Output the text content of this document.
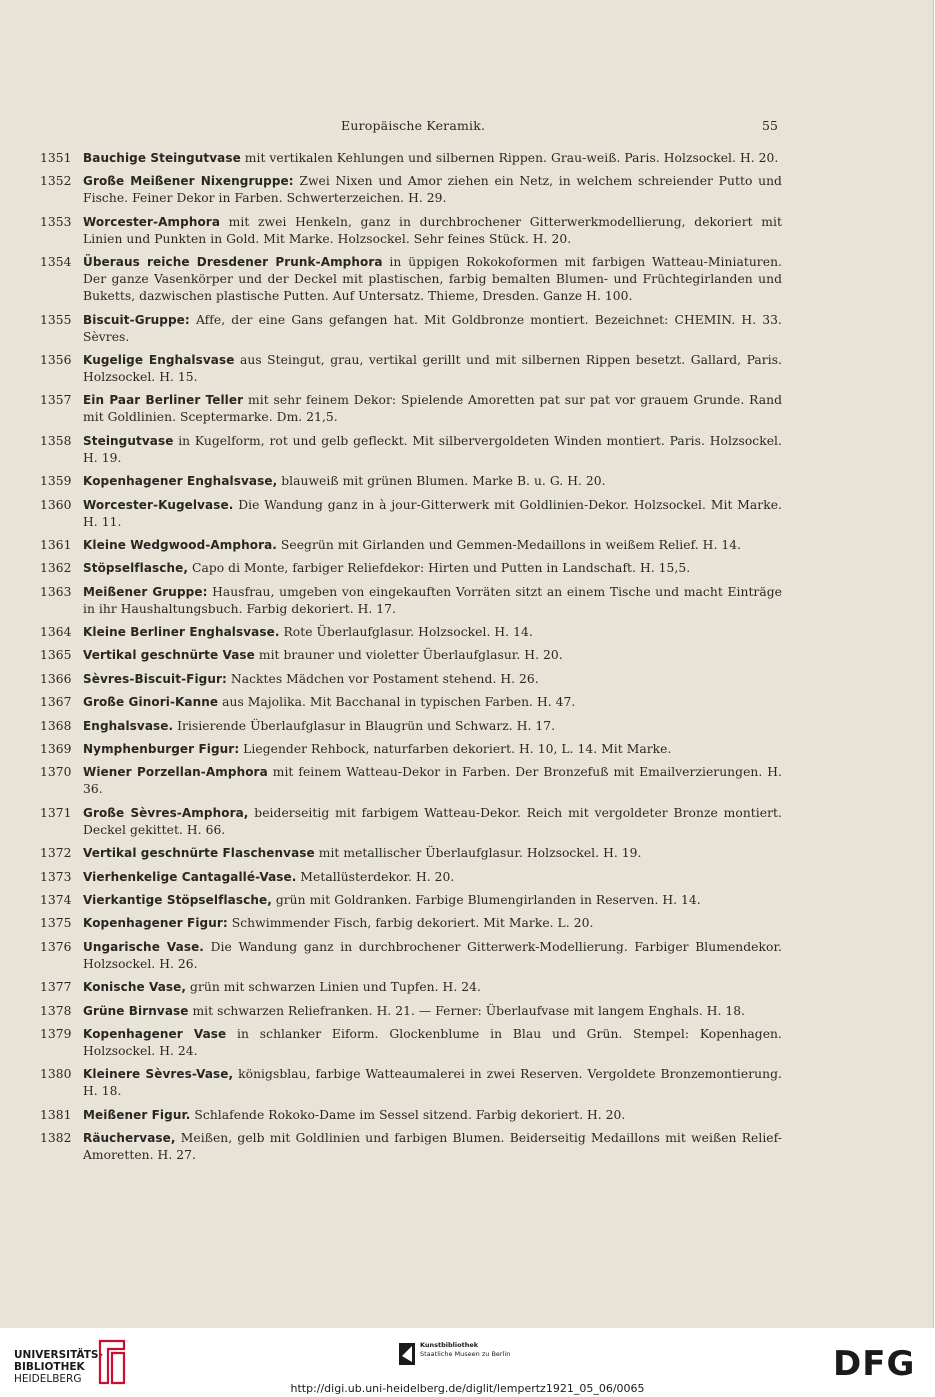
Europäische Keramik.	55
1351 Bauchige Steingutvase mit vertikalen Kehlungen und silbernen Rippen. Grau-weiß. Paris. Holzsockel. H. 20.
1352 Große Meißener Nixengruppe: Zwei Nixen und Amor ziehen ein Netz, in welchem schreiender Putto und Fische. Feiner Dekor in Farben. Schwerterzeichen. H. 29.
1353 Worcester-Amphora mit zwei Henkeln, ganz in durchbrochener Gitterwerkmodellierung, dekoriert mit Linien und Punkten in Gold. Mit Marke. Holzsockel. Sehr feines Stück. H. 20.
1354 Überaus reiche Dresdener Prunk-Amphora in üppigen Rokokoformen mit farbigen Watteau-Miniaturen. Der ganze Vasenkörper und der Deckel mit plastischen, farbig bemalten Blumen- und Früchtegirlanden und Buketts, dazwischen plastische Putten. Auf Untersatz. Thieme, Dresden. Ganze H. 100.
1355 Biscuit-Gruppe: Affe, der eine Gans gefangen hat. Mit Goldbronze montiert. Bezeichnet: CHEMIN. H. 33. Sèvres.
1356 Kugelige Enghalsvase aus Steingut, grau, vertikal gerillt und mit silbernen Rippen besetzt. Gallard, Paris. Holzsockel. H. 15.
1357 Ein Paar Berliner Teller mit sehr feinem Dekor: Spielende Amoretten pat sur pat vor grauem Grunde. Rand mit Goldlinien. Sceptermarke. Dm. 21,5.
1358 Steingutvase in Kugelform, rot und gelb gefleckt. Mit silbervergoldeten Winden montiert. Paris. Holzsockel. H. 19.
1359 Kopenhagener Enghalsvase, blauweiß mit grünen Blumen. Marke B. u. G. H. 20.
1360 Worcester-Kugelvase. Die Wandung ganz in à jour-Gitterwerk mit Goldlinien-Dekor. Holzsockel. Mit Marke. H. 11.
1361 Kleine Wedgwood-Amphora. Seegrün mit Girlanden und Gemmen-Medaillons in weißem Relief. H. 14.
1362 Stöpselflasche, Capo di Monte, farbiger Reliefdekor: Hirten und Putten in Landschaft. H. 15,5.
1363 Meißener Gruppe: Hausfrau, umgeben von eingekauften Vorräten sitzt an einem Tische und macht Einträge in ihr Haushaltungsbuch. Farbig dekoriert. H. 17.
1364 Kleine Berliner Enghalsvase. Rote Überlaufglasur. Holzsockel. H. 14.
1365 Vertikal geschnürte Vase mit brauner und violetter Überlaufglasur. H. 20.
1366 Sèvres-Biscuit-Figur: Nacktes Mädchen vor Postament stehend. H. 26.
1367 Große Ginori-Kanne aus Majolika. Mit Bacchanal in typischen Farben. H. 47.
1368 Enghalsvase. Irisierende Überlaufglasur in Blaugrün und Schwarz. H. 17.
1369 Nymphenburger Figur: Liegender Rehbock, naturfarben dekoriert. H. 10, L. 14. Mit Marke.
1370 Wiener Porzellan-Amphora mit feinem Watteau-Dekor in Farben. Der Bronzefuß mit Emailverzierungen. H. 36.
1371 Große Sèvres-Amphora, beiderseitig mit farbigem Watteau-Dekor. Reich mit vergoldeter Bronze montiert. Deckel gekittet. H. 66.
1372 Vertikal geschnürte Flaschenvase mit metallischer Überlaufglasur. Holzsockel. H. 19.
1373 Vierhenkelige Cantagallé-Vase. Metallüsterdekor. H. 20.
1374 Vierkantige Stöpselflasche, grün mit Goldranken. Farbige Blumengirlanden in Reserven. H. 14.
1375 Kopenhagener Figur: Schwimmender Fisch, farbig dekoriert. Mit Marke. L. 20.
1376 Ungarische Vase. Die Wandung ganz in durchbrochener Gitterwerk-Modellierung. Farbiger Blumendekor. Holzsockel. H. 26.
1377 Konische Vase, grün mit schwarzen Linien und Tupfen. H. 24.
1378 Grüne Birnvase mit schwarzen Reliefranken. H. 21. — Ferner: Überlaufvase mit langem Enghals. H. 18.
1379 Kopenhagener Vase in schlanker Eiform. Glockenblume in Blau und Grün. Stempel: Kopenhagen. Holzsockel. H. 24.
1380 Kleinere Sèvres-Vase, königsblau, farbige Watteaumalerei in zwei Reserven. Vergoldete Bronzemontierung. H. 18.
1381 Meißener Figur. Schlafende Rokoko-Dame im Sessel sitzend. Farbig dekoriert. H. 20.
1382 Räuchervase, Meißen, gelb mit Goldlinien und farbigen Blumen. Beiderseitig Medaillons mit weißen Relief-Amoretten. H. 27.
UNIVERSITÄTS-
BIBLIOTHEK
HEIDELBERG
Kunstbibliothek
Staatliche Museen zu Berlin	DFG
http://digi.ub.uni-heidelberg.de/diglit/lempertz1921_05_06/0065
